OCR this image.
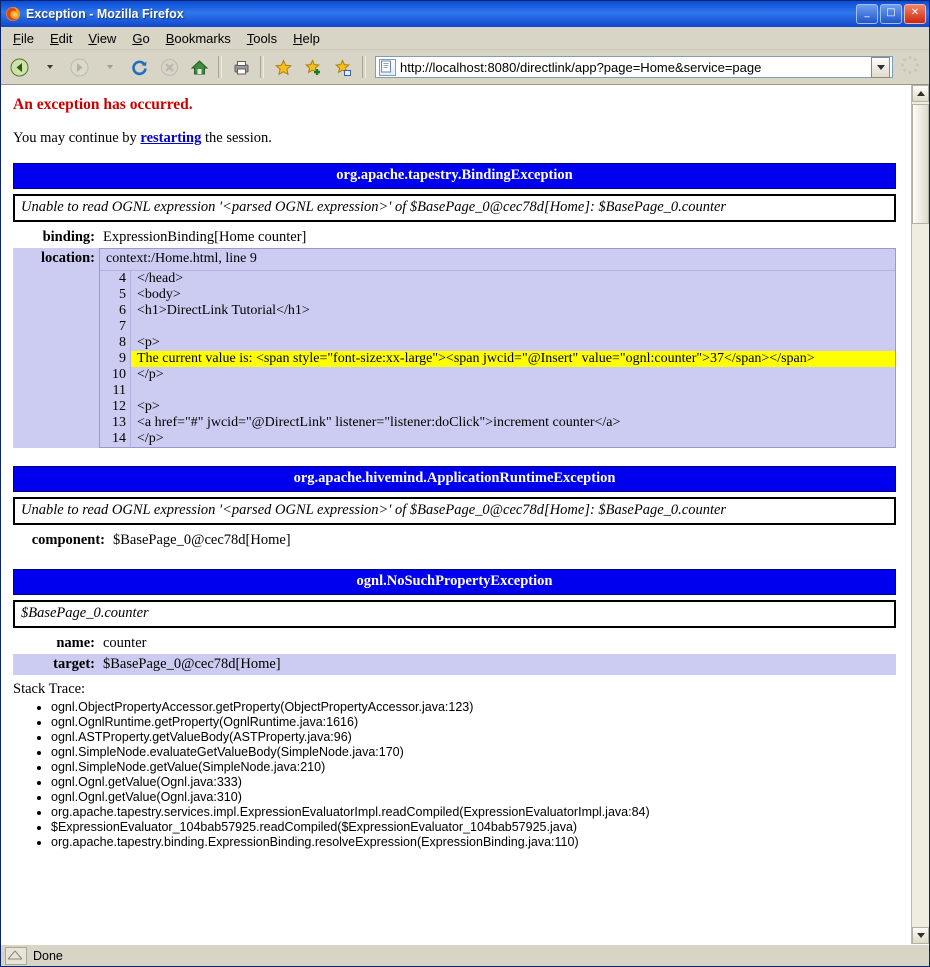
Exception - Mozilla Firefox	_	□	✕
File	Edit	View	Go	Bookmarks	Tools	Help
http://localhost:8080/directlink/app?page=Home&service=page
An exception has occurred.
You may continue by restarting the session.
org.apache.tapestry.BindingException
Unable to read OGNL expression '<parsed OGNL expression>' of $BasePage_0@cec78d[Home]: $BasePage_0.counter
binding:	ExpressionBinding[Home counter]
location:	context:/Home.html, line 9
4	</head>
5	<body>
6	<h1>DirectLink Tutorial</h1>
7	
8	<p>
9	The current value is: <span style="font-size:xx-large"><span jwcid="@Insert" value="ognl:counter">37</span></span>
10	</p>
11	
12	<p>
13	<a href="#" jwcid="@DirectLink" listener="listener:doClick">increment counter</a>
14	</p>
org.apache.hivemind.ApplicationRuntimeException
Unable to read OGNL expression '<parsed OGNL expression>' of $BasePage_0@cec78d[Home]: $BasePage_0.counter
component:	$BasePage_0@cec78d[Home]
ognl.NoSuchPropertyException
$BasePage_0.counter
name:	counter
target:	$BasePage_0@cec78d[Home]
Stack Trace:
• ognl.ObjectPropertyAccessor.getProperty(ObjectPropertyAccessor.java:123)
• ognl.OgnlRuntime.getProperty(OgnlRuntime.java:1616)
• ognl.ASTProperty.getValueBody(ASTProperty.java:96)
• ognl.SimpleNode.evaluateGetValueBody(SimpleNode.java:170)
• ognl.SimpleNode.getValue(SimpleNode.java:210)
• ognl.Ognl.getValue(Ognl.java:333)
• ognl.Ognl.getValue(Ognl.java:310)
• org.apache.tapestry.services.impl.ExpressionEvaluatorImpl.readCompiled(ExpressionEvaluatorImpl.java:84)
• $ExpressionEvaluator_104bab57925.readCompiled($ExpressionEvaluator_104bab57925.java)
• org.apache.tapestry.binding.ExpressionBinding.resolveExpression(ExpressionBinding.java:110)
Done
